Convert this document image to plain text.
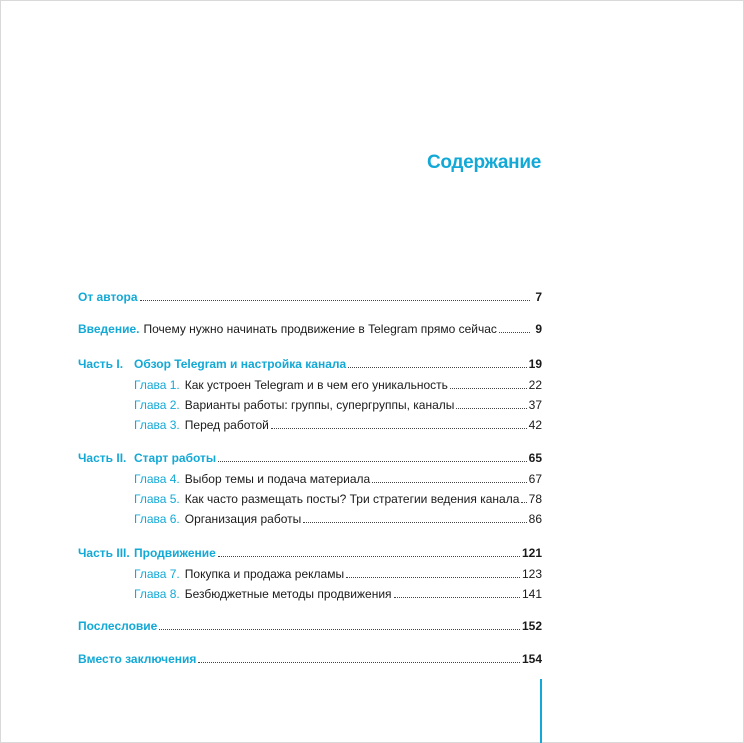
Содержание
От автора	7
Введение. Почему нужно начинать продвижение в Telegram прямо сейчас	9
Часть I. Обзор Telegram и настройка канала	19
Глава 1. Как устроен Telegram и в чем его уникальность	22
Глава 2. Варианты работы: группы, супергруппы, каналы	37
Глава 3. Перед работой	42
Часть II. Старт работы	65
Глава 4. Выбор темы и подача материала	67
Глава 5. Как часто размещать посты? Три стратегии ведения канала 78
Глава 6. Организация работы	86
Часть III. Продвижение	121
Глава 7. Покупка и продажа рекламы	123
Глава 8. Безбюджетные методы продвижения	141
Послесловие	152
Вместо заключения	154
